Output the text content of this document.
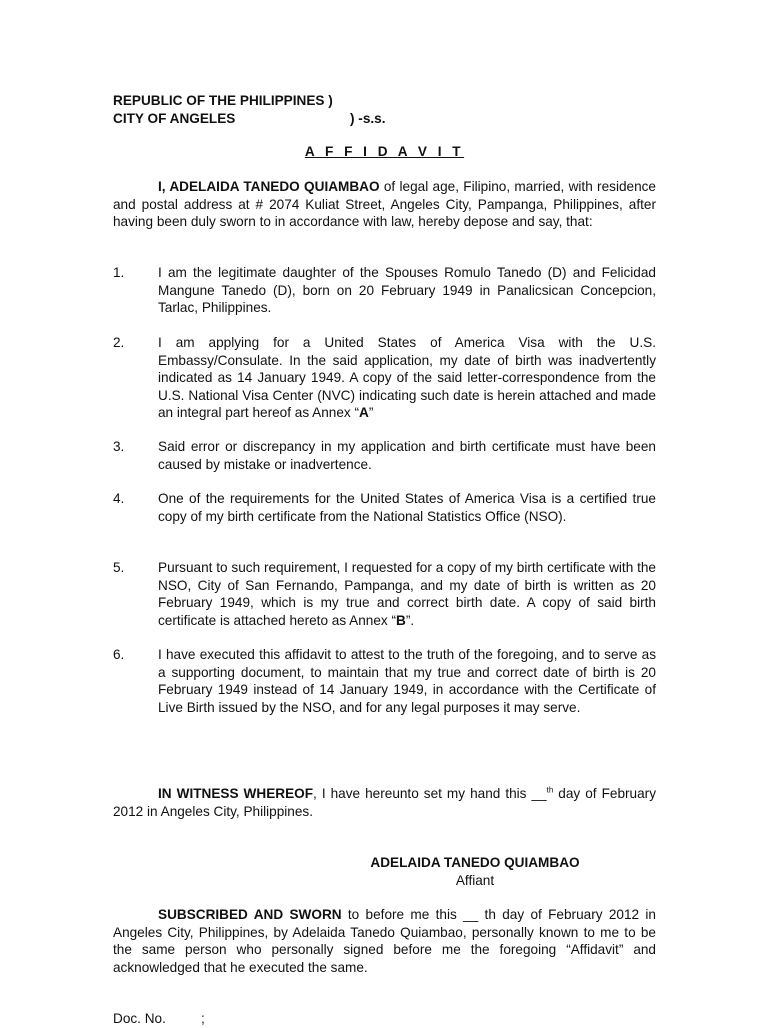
REPUBLIC OF THE PHILIPPINES )
CITY OF ANGELES	) -s.s.
A F F I D A V I T
I, ADELAIDA TANEDO QUIAMBAO of legal age, Filipino, married, with residence and postal address at # 2074 Kuliat Street, Angeles City, Pampanga, Philippines, after having been duly sworn to in accordance with law, hereby depose and say, that:
1.	I am the legitimate daughter of the Spouses Romulo Tanedo (D) and Felicidad Mangune Tanedo (D), born on 20 February 1949 in Panalicsican Concepcion, Tarlac, Philippines.
2.	I am applying for a United States of America Visa with the U.S. Embassy/Consulate. In the said application, my date of birth was inadvertently indicated as 14 January 1949. A copy of the said letter-correspondence from the U.S. National Visa Center (NVC) indicating such date is herein attached and made an integral part hereof as Annex “A”
3.	Said error or discrepancy in my application and birth certificate must have been caused by mistake or inadvertence.
4.	One of the requirements for the United States of America Visa is a certified true copy of my birth certificate from the National Statistics Office (NSO).
5.	Pursuant to such requirement, I requested for a copy of my birth certificate with the NSO, City of San Fernando, Pampanga, and my date of birth is written as 20 February 1949, which is my true and correct birth date. A copy of said birth certificate is attached hereto as Annex “B”.
6.	I have executed this affidavit to attest to the truth of the foregoing, and to serve as a supporting document, to maintain that my true and correct date of birth is 20 February 1949 instead of 14 January 1949, in accordance with the Certificate of Live Birth issued by the NSO, and for any legal purposes it may serve.
IN WITNESS WHEREOF, I have hereunto set my hand this __$^{th}$ day of February 2012 in Angeles City, Philippines.
ADELAIDA TANEDO QUIAMBAO
Affiant
SUBSCRIBED AND SWORN to before me this __ th day of February 2012 in Angeles City, Philippines, by Adelaida Tanedo Quiambao, personally known to me to be the same person who personally signed before me the foregoing “Affidavit” and acknowledged that he executed the same.
Doc. No.	;
